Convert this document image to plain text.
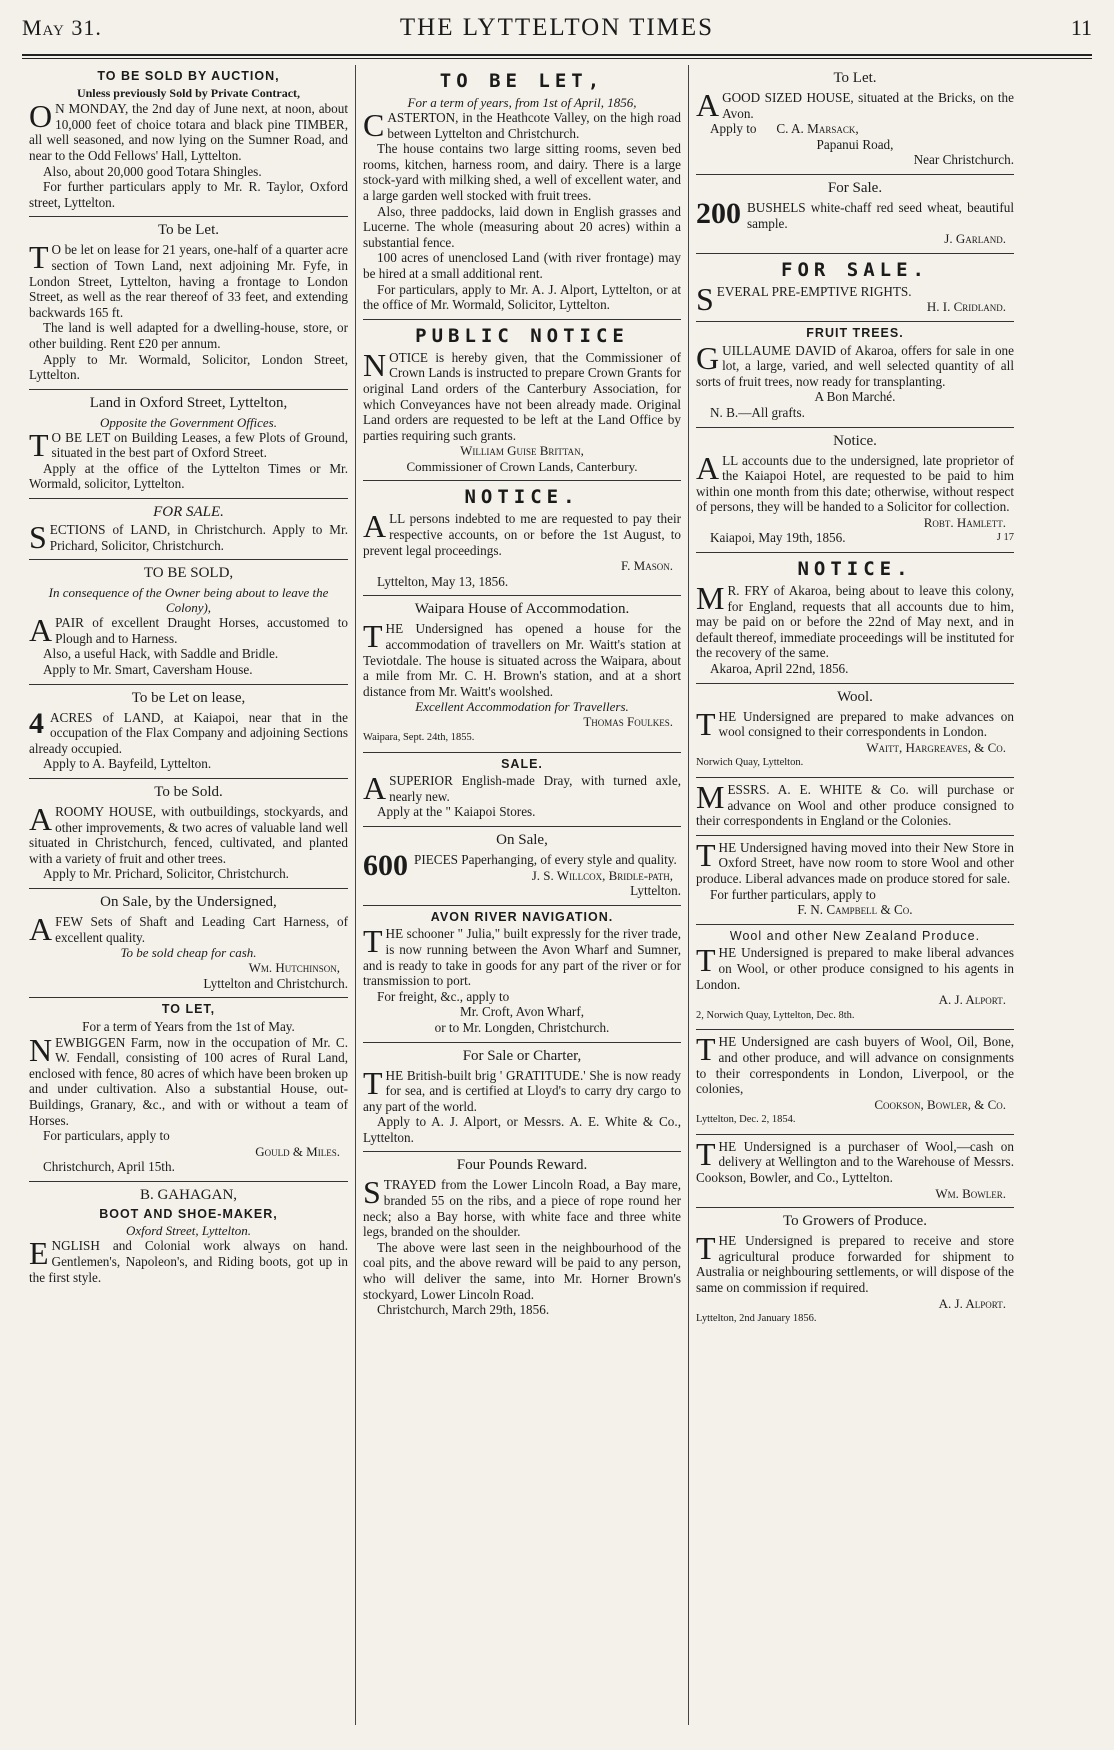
May 31.	THE LYTTELTON TIMES	11
TO BE SOLD BY AUCTION,
Unless previously Sold by Private Contract,

O N MONDAY, the 2nd day of June next, at noon, about 10,000 feet of choice totara and black pine TIMBER, all well seasoned, and now lying on the Sumner Road, and near to the Odd Fellows' Hall, Lyttelton.

Also, about 20,000 good Totara Shingles.

For further particulars apply to Mr. R. Taylor, Oxford street, Lyttelton.

To be Let.

T O be let on lease for 21 years, one-half of a quarter acre section of Town Land, next adjoining Mr. Fyfe, in London Street, Lyttelton, having a frontage to London Street, as well as the rear thereof of 33 feet, and extending backwards 165 ft.

The land is well adapted for a dwelling-house, store, or other building. Rent £20 per annum.

Apply to Mr. Wormald, Solicitor, London Street, Lyttelton.

Land in Oxford Street, Lyttelton,
Opposite the Government Offices.

T O BE LET on Building Leases, a few Plots of Ground, situated in the best part of Oxford Street.

Apply at the office of the Lyttelton Times or Mr. Wormald, solicitor, Lyttelton.

FOR SALE.

SECTIONS of LAND, in Christchurch. Apply to Mr. Prichard, Solicitor, Christchurch.

TO BE SOLD,
In consequence of the Owner being about to leave the Colony),

APAIR of excellent Draught Horses, accustomed to Plough and to Harness.

Also, a useful Hack, with Saddle and Bridle.

Apply to Mr. Smart, Caversham House.

To be Let on lease,

4 ACRES of LAND, at Kaiapoi, near that in the occupation of the Flax Company and adjoining Sections already occupied.

Apply to A. Bayfeild, Lyttelton.

To be Sold.

AROOMY HOUSE, with outbuildings, stockyards, and other improvements, & two acres of valuable land well situated in Christchurch, fenced, cultivated, and planted with a variety of fruit and other trees.

Apply to Mr. Prichard, Solicitor, Christchurch.

On Sale, by the Undersigned,

AFEW Sets of Shaft and Leading Cart Harness, of excellent quality.

To be sold cheap for cash.

Wm. Hutchinson,

Lyttelton and Christchurch.

TO LET,
For a term of Years from the 1st of May.

NEWBIGGEN Farm, now in the occupation of Mr. C. W. Fendall, consisting of 100 acres of Rural Land, enclosed with fence, 80 acres of which have been broken up and under cultivation. Also a substantial House, out-Buildings, Granary, &c., and with or without a team of Horses.

For particulars, apply to

Gould & Miles.

Christchurch, April 15th.

B. GAHAGAN,
BOOT AND SHOE-MAKER,
Oxford Street, Lyttelton.

ENGLISH and Colonial work always on hand. Gentlemen's, Napoleon's, and Riding boots, got up in the first style.

TO BE LET,
For a term of years, from 1st of April, 1856,

CASTERTON, in the Heathcote Valley, on the high road between Lyttelton and Christchurch.

The house contains two large sitting rooms, seven bed rooms, kitchen, harness room, and dairy. There is a large stock-yard with milking shed, a well of excellent water, and a large garden well stocked with fruit trees.

Also, three paddocks, laid down in English grasses and Lucerne. The whole (measuring about 20 acres) within a substantial fence.

100 acres of unenclosed Land (with river frontage) may be hired at a small additional rent.

For particulars, apply to Mr. A. J. Alport, Lyttelton, or at the office of Mr. Wormald, Solicitor, Lyttelton.

PUBLIC NOTICE

NOTICE is hereby given, that the Commissioner of Crown Lands is instructed to prepare Crown Grants for original Land orders of the Canterbury Association, for which Conveyances have not been already made. Original Land orders are requested to be left at the Land Office by parties requiring such grants.

William Guise Brittan,

Commissioner of Crown Lands, Canterbury.

NOTICE.

ALL persons indebted to me are requested to pay their respective accounts, on or before the 1st August, to prevent legal proceedings.

F. Mason.

Lyttelton, May 13, 1856.

Waipara House of Accommodation.

THE Undersigned has opened a house for the accommodation of travellers on Mr. Waitt's station at Teviotdale. The house is situated across the Waipara, about a mile from Mr. C. H. Brown's station, and at a short distance from Mr. Waitt's woolshed.

Excellent Accommodation for Travellers.

Thomas Foulkes.

Waipara, Sept. 24th, 1855.

SALE.

ASUPERIOR English-made Dray, with turned axle, nearly new.

Apply at the " Kaiapoi Stores.

On Sale,

600 PIECES Paperhanging, of every style and quality.

J. S. Willcox, Bridle-path,

Lyttelton.

AVON RIVER NAVIGATION.

THE schooner " Julia," built expressly for the river trade, is now running between the Avon Wharf and Sumner, and is ready to take in goods for any part of the river or for transmission to port.

For freight, &c., apply to

Mr. Croft, Avon Wharf,

or to Mr. Longden, Christchurch.

For Sale or Charter,

THE British-built brig ' GRATITUDE.' She is now ready for sea, and is certified at Lloyd's to carry dry cargo to any part of the world.

Apply to A. J. Alport, or Messrs. A. E. White & Co., Lyttelton.

Four Pounds Reward.

STRAYED from the Lower Lincoln Road, a Bay mare, branded 55 on the ribs, and a piece of rope round her neck; also a Bay horse, with white face and three white legs, branded on the shoulder.

The above were last seen in the neighbourhood of the coal pits, and the above reward will be paid to any person, who will deliver the same, into Mr. Horner Brown's stockyard, Lower Lincoln Road.

Christchurch, March 29th, 1856.

To Let.

AGOOD SIZED HOUSE, situated at the Bricks, on the Avon.

Apply to C. A. Marsack,

Papanui Road,

Near Christchurch.

For Sale.

200 BUSHELS white-chaff red seed wheat, beautiful sample.

J. Garland.

FOR SALE.

SEVERAL PRE-EMPTIVE RIGHTS.

H. I. Cridland.

FRUIT TREES.

GUILLAUME DAVID of Akaroa, offers for sale in one lot, a large, varied, and well selected quantity of all sorts of fruit trees, now ready for transplanting.

A Bon Marché.

N. B.—All grafts.

Notice.

ALL accounts due to the undersigned, late proprietor of the Kaiapoi Hotel, are requested to be paid to him within one month from this date; otherwise, without respect of persons, they will be handed to a Solicitor for collection.

Robt. Hamlett.

Kaiapoi, May 19th, 1856.	J 17

NOTICE.

M R. FRY of Akaroa, being about to leave this colony, for England, requests that all accounts due to him, may be paid on or before the 22nd of May next, and in default thereof, immediate proceedings will be instituted for the recovery of the same.

Akaroa, April 22nd, 1856.

Wool.

THE Undersigned are prepared to make advances on wool consigned to their correspondents in London.

Waitt, Hargreaves, & Co.

Norwich Quay, Lyttelton.

MESSRS. A. E. WHITE & Co. will purchase or advance on Wool and other produce consigned to their correspondents in England or the Colonies.

THE Undersigned having moved into their New Store in Oxford Street, have now room to store Wool and other produce. Liberal advances made on produce stored for sale.

For further particulars, apply to

F. N. Campbell & Co.

Wool and other New Zealand Produce.

THE Undersigned is prepared to make liberal advances on Wool, or other produce consigned to his agents in London.

A. J. Alport.

2, Norwich Quay, Lyttelton, Dec. 8th.

THE Undersigned are cash buyers of Wool, Oil, Bone, and other produce, and will advance on consignments to their correspondents in London, Liverpool, or the colonies,

Cookson, Bowler, & Co.

Lyttelton, Dec. 2, 1854.

THE Undersigned is a purchaser of Wool,—cash on delivery at Wellington and to the Warehouse of Messrs. Cookson, Bowler, and Co., Lyttelton.

Wm. Bowler.

To Growers of Produce.

THE Undersigned is prepared to receive and store agricultural produce forwarded for shipment to Australia or neighbouring settlements, or will dispose of the same on commission if required.

A. J. Alport.

Lyttelton, 2nd January 1856.
